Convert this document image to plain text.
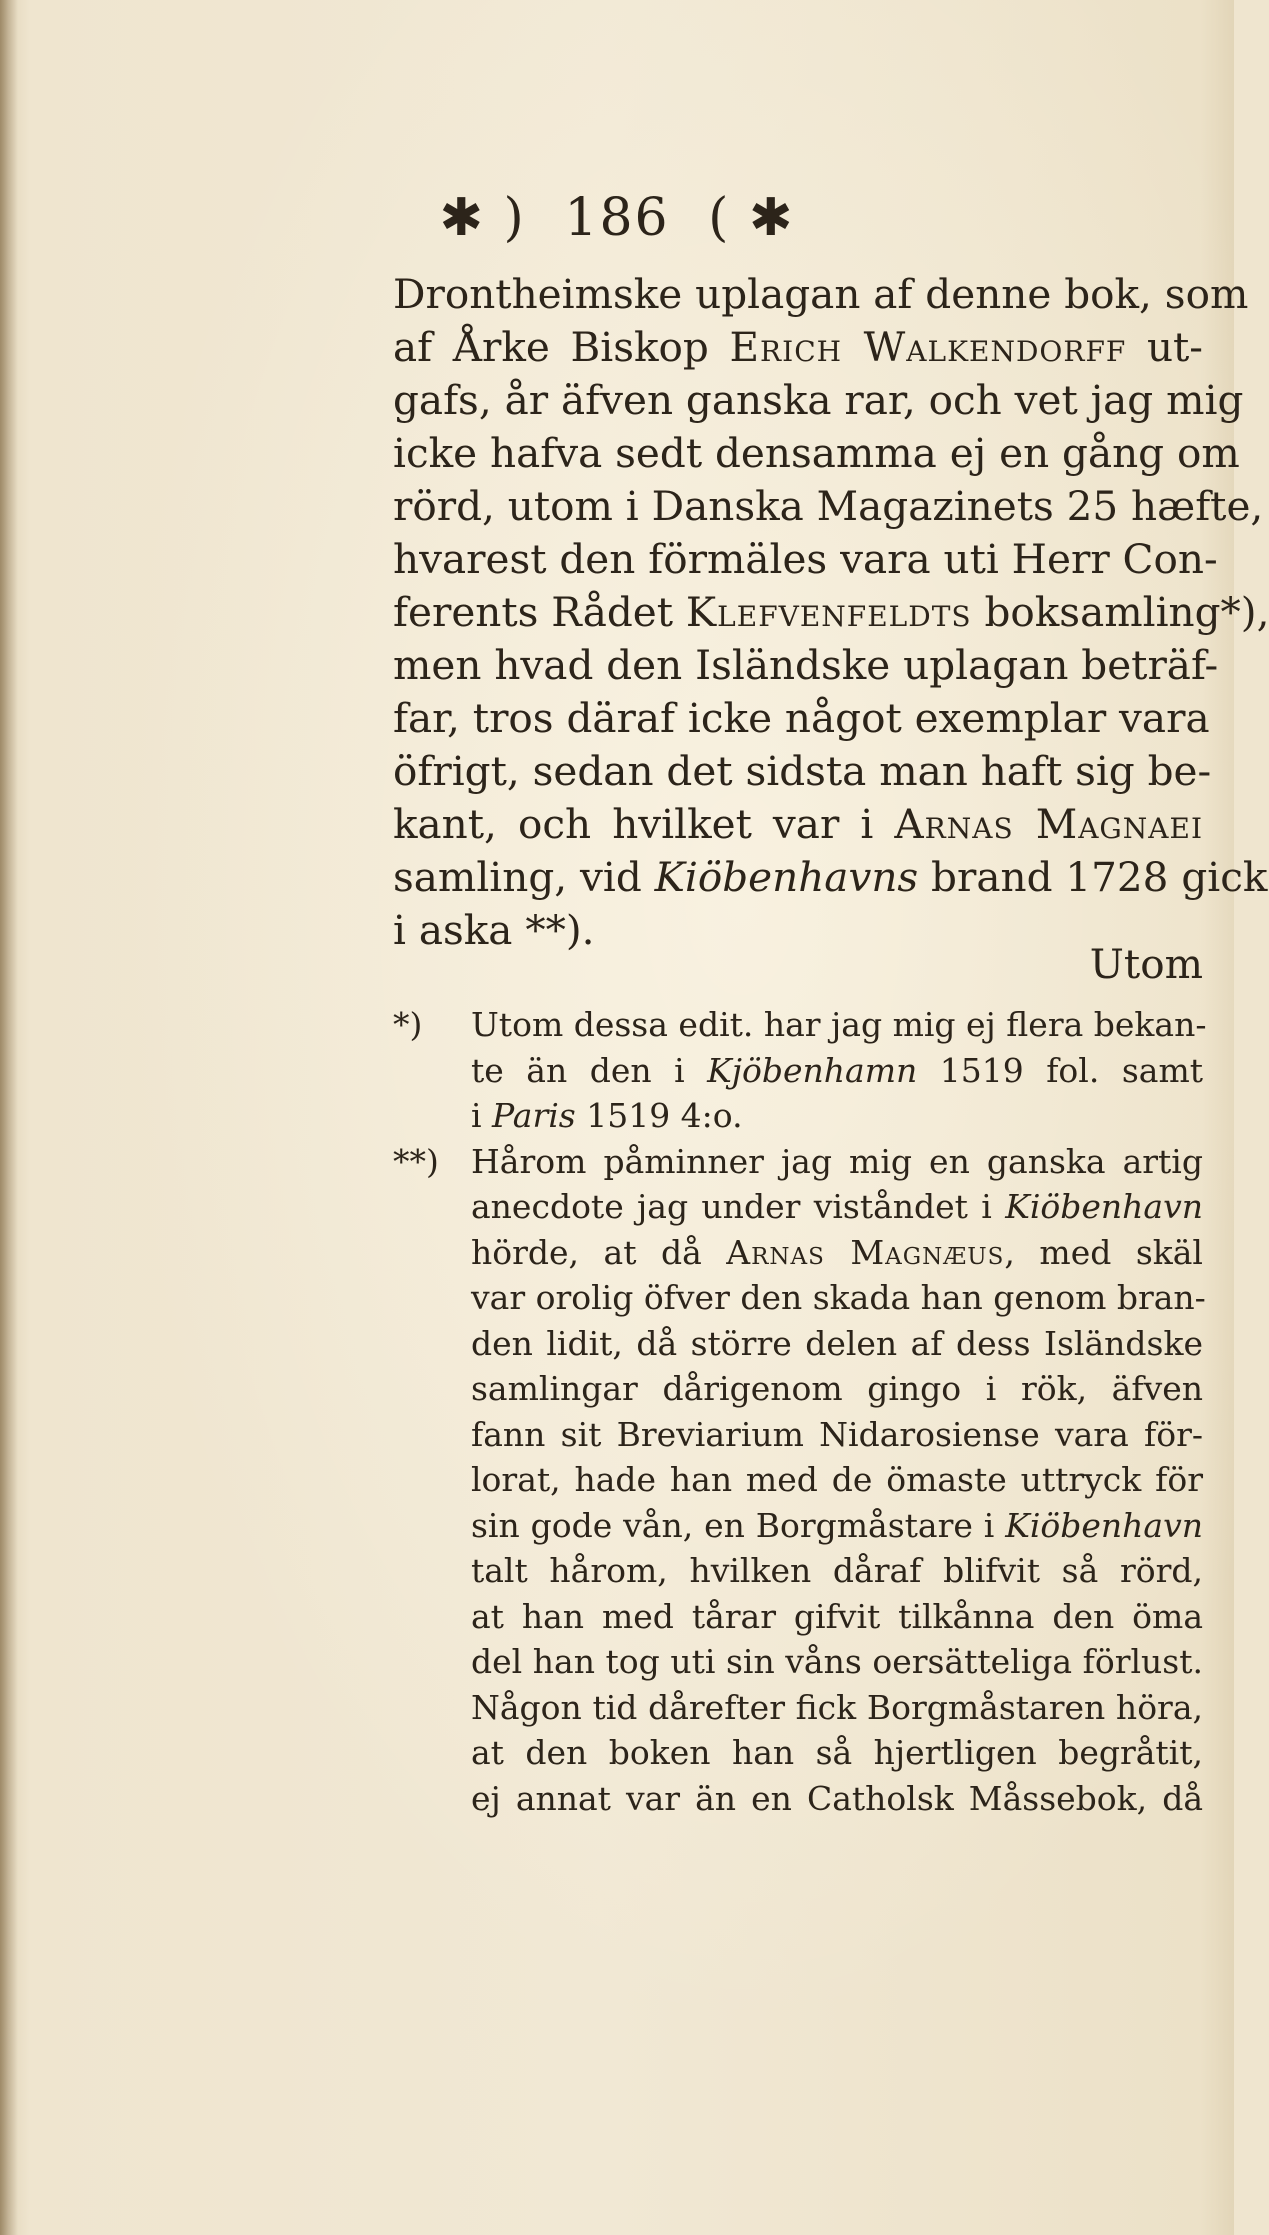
✱ ) 186 ( ✱
Drontheimske uplagan af denne bok, som
af Årke Biskop Erich Walkendorff ut-
gafs, år äfven ganska rar, och vet jag mig
icke hafva sedt densamma ej en gång om
rörd, utom i Danska Magazinets 25 hæfte,
hvarest den förmäles vara uti Herr Con-
ferents Rådet Klefvenfeldts boksamling*),
men hvad den Isländske uplagan beträf-
far, tros däraf icke något exemplar vara
öfrigt, sedan det sidsta man haft sig be-
kant, och hvilket var i Arnas Magnaei
samling, vid Kiöbenhavns brand 1728 gick
i aska **).
Utom
*) Utom dessa edit. har jag mig ej flera bekan-
te än den i Kjöbenhamn 1519 fol. samt
i Paris 1519 4:o.
**) Hårom påminner jag mig en ganska artig
anecdote jag under viståndet i Kiöbenhavn
hörde, at då Arnas Magnæus, med skäl
var orolig öfver den skada han genom bran-
den lidit, då större delen af dess Isländske
samlingar dårigenom gingo i rök, äfven
fann sit Breviarium Nidarosiense vara för-
lorat, hade han med de ömaste uttryck för
sin gode vån, en Borgmåstare i Kiöbenhavn
talt hårom, hvilken dåraf blifvit så rörd,
at han med tårar gifvit tilkånna den öma
del han tog uti sin våns oersätteliga förlust.
Någon tid dårefter fick Borgmåstaren höra,
at den boken han så hjertligen begråtit,
ej annat var än en Catholsk Måssebok, då
